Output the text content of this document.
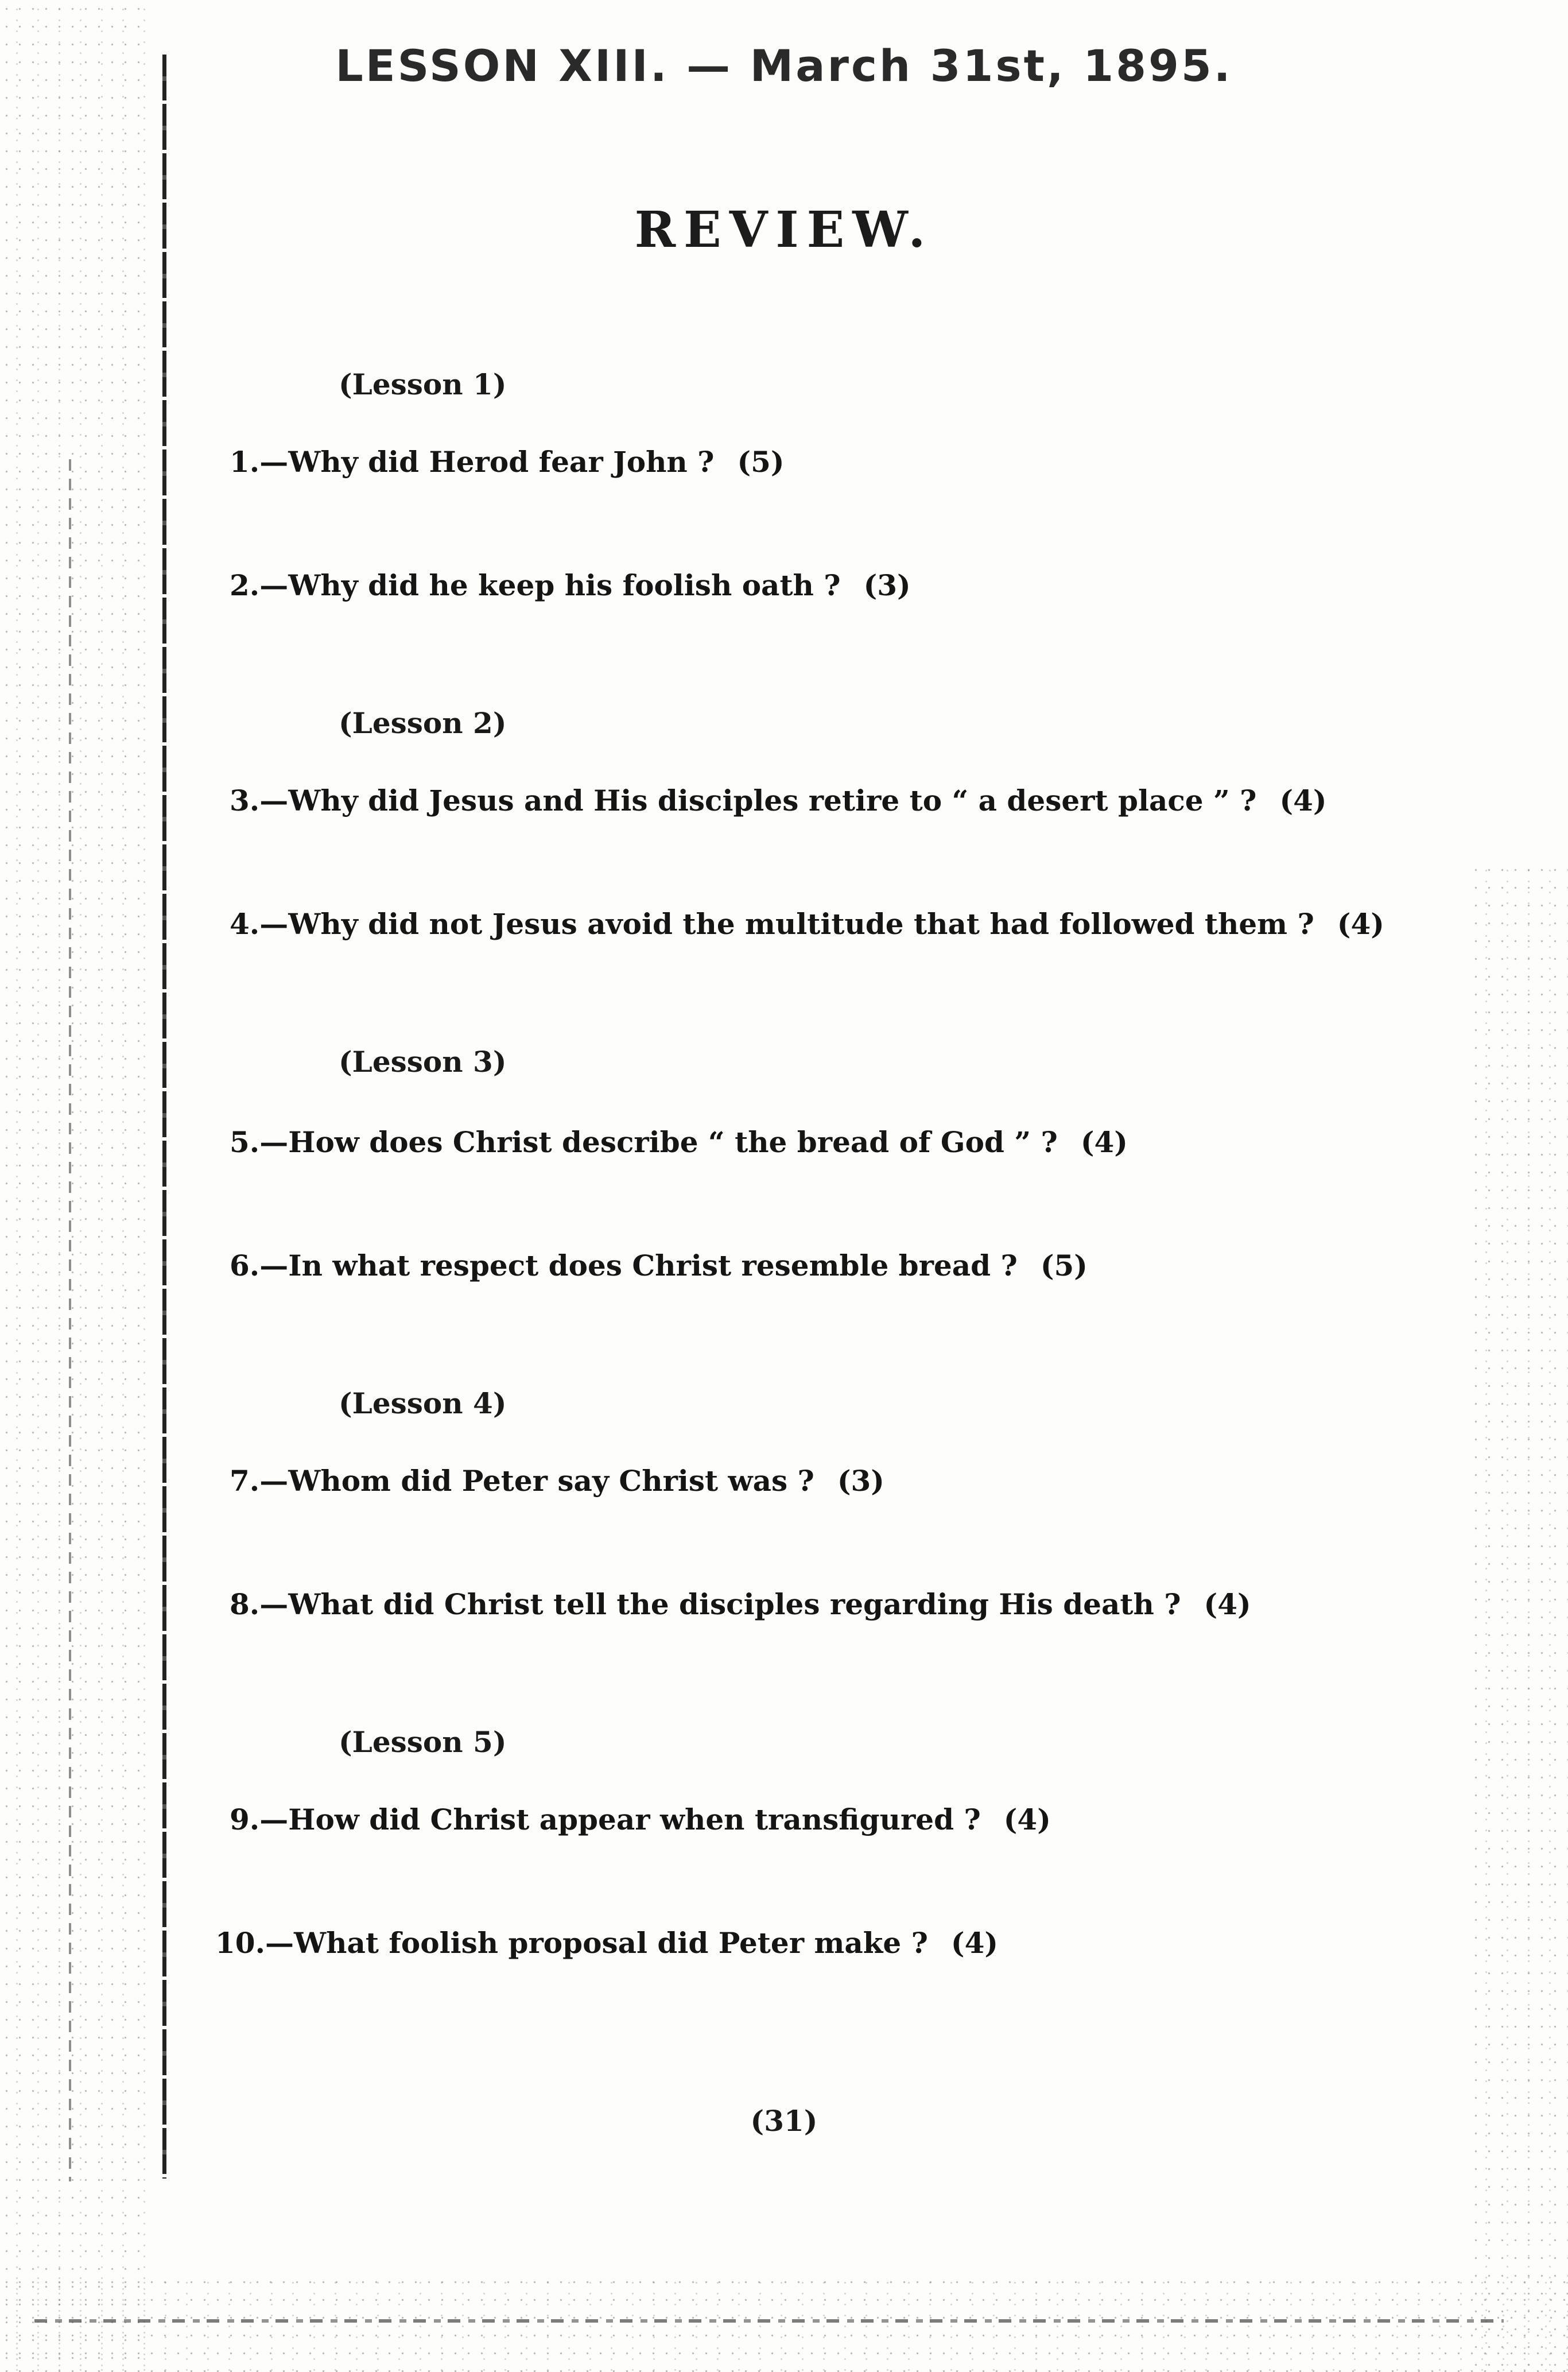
LESSON XIII. — March 31st, 1895.
REVIEW.
(Lesson 1)
1.—Why did Herod fear John ? (5)
2.—Why did he keep his foolish oath ? (3)
(Lesson 2)
3.—Why did Jesus and His disciples retire to “ a desert place ” ? (4)
4.—Why did not Jesus avoid the multitude that had followed them ? (4)
(Lesson 3)
5.—How does Christ describe “ the bread of God ” ? (4)
6.—In what respect does Christ resemble bread ? (5)
(Lesson 4)
7.—Whom did Peter say Christ was ? (3)
8.—What did Christ tell the disciples regarding His death ? (4)
(Lesson 5)
9.—How did Christ appear when transfigured ? (4)
10.—What foolish proposal did Peter make ? (4)
(31)
